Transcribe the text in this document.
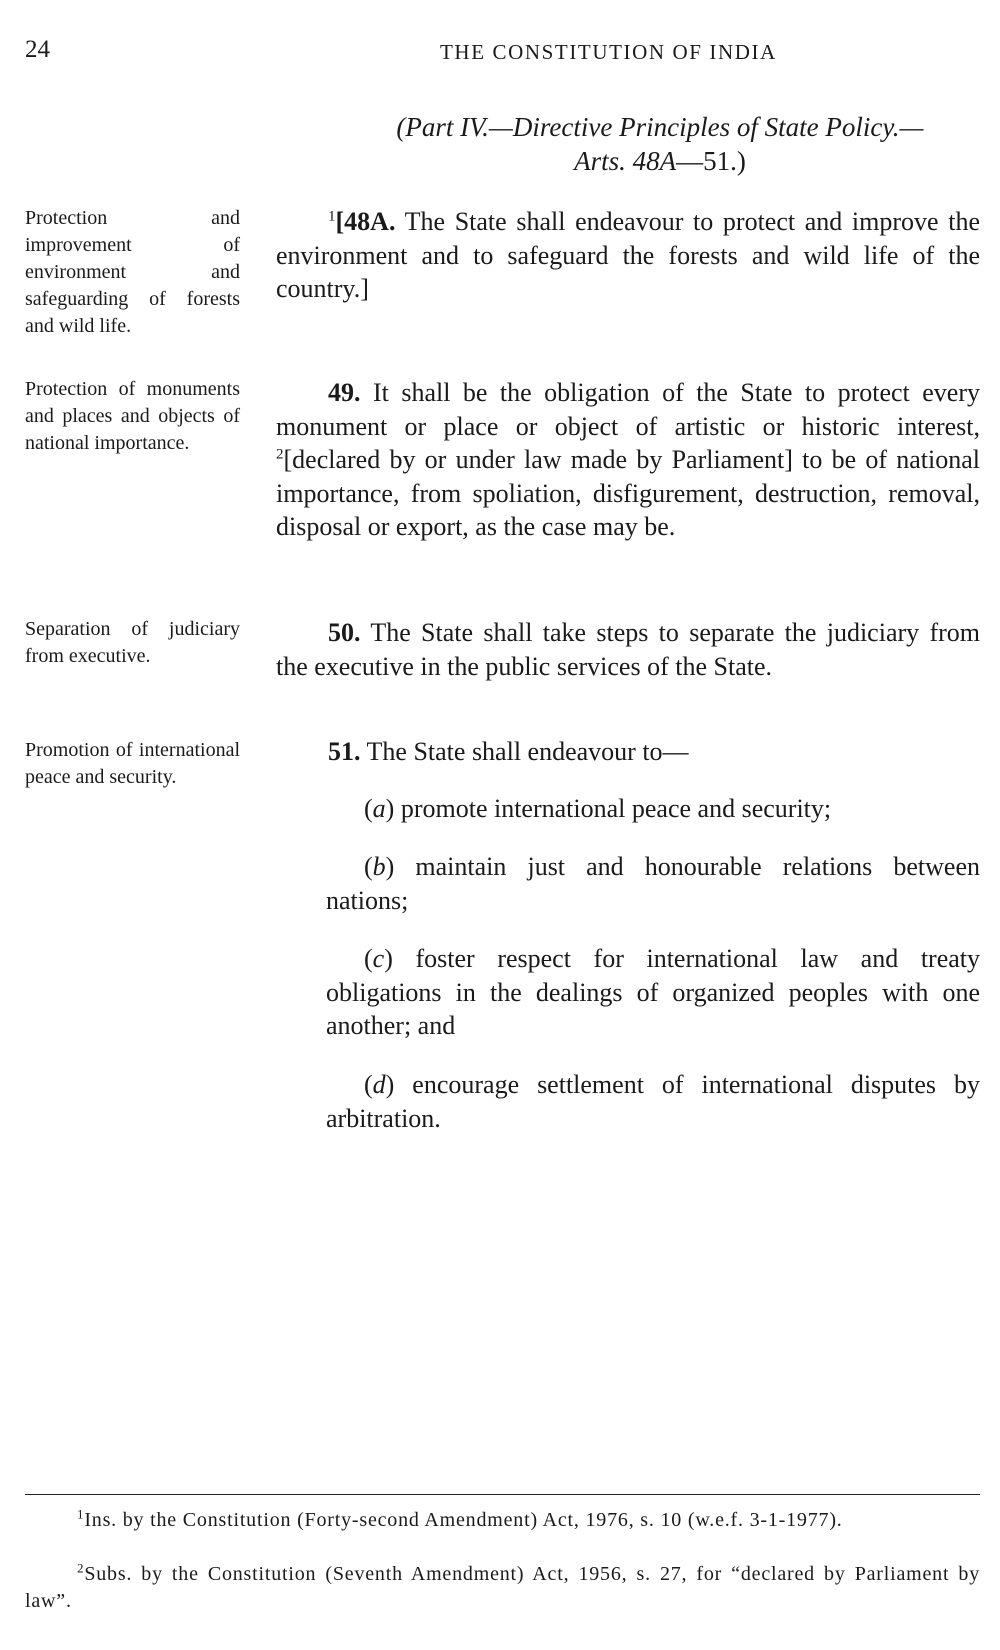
24	THE CONSTITUTION OF INDIA
(Part IV.—Directive Principles of State Policy.—
Arts. 48A—51.)
Protection and improvement of environment and safeguarding of forests and wild life.
$^1$[48A. The State shall endeavour to protect and improve the environment and to safeguard the forests and wild life of the country.]
Protection of monuments and places and objects of national importance.
49. It shall be the obligation of the State to protect every monument or place or object of artistic or historic interest, $^2$[declared by or under law made by Parliament] to be of national importance, from spoliation, disfigurement, destruction, removal, disposal or export, as the case may be.
Separation of judiciary from executive.
50. The State shall take steps to separate the judiciary from the executive in the public services of the State.
Promotion of international peace and security.
51. The State shall endeavour to—
(a) promote international peace and security;
(b) maintain just and honourable relations between nations;
(c) foster respect for international law and treaty obligations in the dealings of organized peoples with one another; and
(d) encourage settlement of international disputes by arbitration.
$^1$Ins. by the Constitution (Forty-second Amendment) Act, 1976, s. 10 (w.e.f. 3-1-1977).
$^2$Subs. by the Constitution (Seventh Amendment) Act, 1956, s. 27, for “declared by Parliament by law”.
